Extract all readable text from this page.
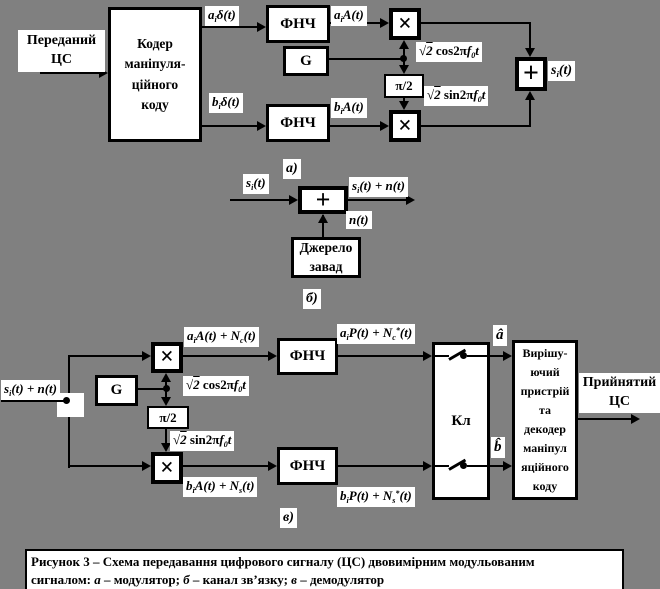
Переданий
ЦС
Кодер
маніпуля-
ційного
коду
ФНЧ
G
×
π/2
ФНЧ	×
+
+
Джерело
завад
×
G
π/2
×
ФНЧ
ФНЧ
Кл
Вирішу-
ючий
пристрій
та
декодер
маніпул
яційного
коду
Прийнятий
ЦС
$a_i\delta(t)$	$a_iA(t)$
√2 $\cos 2\pi f_0t$
√2 $\sin 2\pi f_0t$
$b_i\delta(t)$	$b_iA(t)$
$s_i(t)$
а)
$s_i(t)$	$s_i(t) + n(t)$
n(t)
б)
$s_i(t) + n(t)$
$a_iA(t) + N_c(t)$
√2 $\cos 2\pi f_0t$
√2 $\sin 2\pi f_0t$
$b_iA(t) + N_s(t)$
$a_iP(t) + N_c^*(t)$
$b_iP(t) + N_s^*(t)$
â
b̂
в)
Рисунок 3 – Схема передавання цифрового сигналу (ЦС) двовимірним модульованим
сигналом: а – модулятор; б – канал зв’язку; в – демодулятор
